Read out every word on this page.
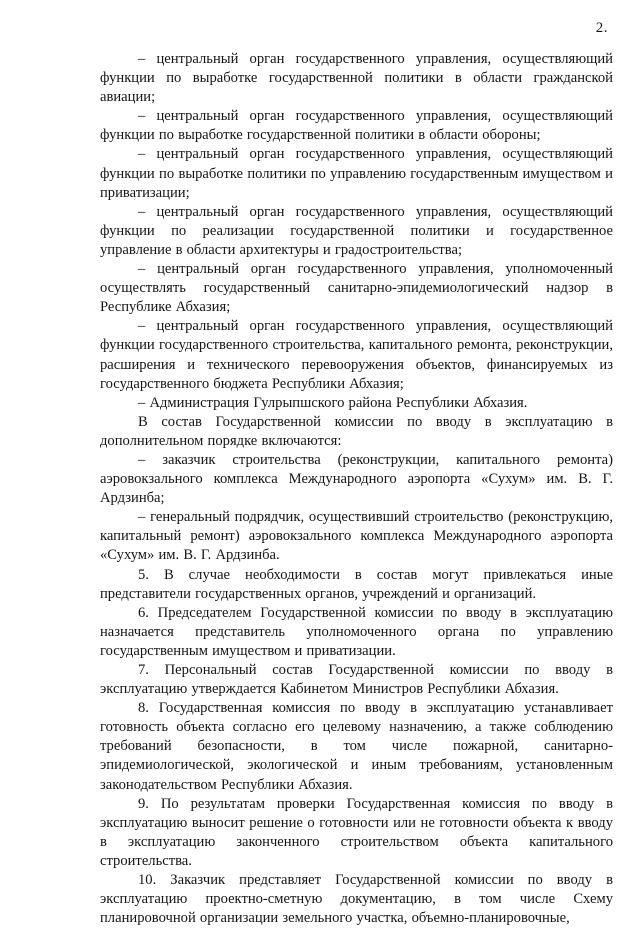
2.

– центральный орган государственного управления, осуществляющий функции по выработке государственной политики в области гражданской авиации;

– центральный орган государственного управления, осуществляющий функции по выработке государственной политики в области обороны;

– центральный орган государственного управления, осуществляющий функции по выработке политики по управлению государственным имуществом и приватизации;

– центральный орган государственного управления, осуществляющий функции по реализации государственной политики и государственное управление в области архитектуры и градостроительства;

– центральный орган государственного управления, уполномоченный осуществлять государственный санитарно-эпидемиологический надзор в Республике Абхазия;

– центральный орган государственного управления, осуществляющий функции государственного строительства, капитального ремонта, реконструкции, расширения и технического перевооружения объектов, финансируемых из государственного бюджета Республики Абхазия;

– Администрация Гулрыпшского района Республики Абхазия.

В состав Государственной комиссии по вводу в эксплуатацию в дополнительном порядке включаются:

– заказчик строительства (реконструкции, капитального ремонта) аэровокзального комплекса Международного аэропорта «Сухум» им. В. Г. Ардзинба;

– генеральный подрядчик, осуществивший строительство (реконструкцию, капитальный ремонт) аэровокзального комплекса Международного аэропорта «Сухум» им. В. Г. Ардзинба.

5. В случае необходимости в состав могут привлекаться иные представители государственных органов, учреждений и организаций.

6. Председателем Государственной комиссии по вводу в эксплуатацию назначается представитель уполномоченного органа по управлению государственным имуществом и приватизации.

7. Персональный состав Государственной комиссии по вводу в эксплуатацию утверждается Кабинетом Министров Республики Абхазия.

8. Государственная комиссия по вводу в эксплуатацию устанавливает готовность объекта согласно его целевому назначению, а также соблюдению требований безопасности, в том числе пожарной, санитарно-эпидемиологической, экологической и иным требованиям, установленным законодательством Республики Абхазия.

9. По результатам проверки Государственная комиссия по вводу в эксплуатацию выносит решение о готовности или не готовности объекта к вводу в эксплуатацию законченного строительством объекта капитального строительства.

10. Заказчик представляет Государственной комиссии по вводу в эксплуатацию проектно-сметную документацию, в том числе Схему планировочной организации земельного участка, объемно-планировочные,
